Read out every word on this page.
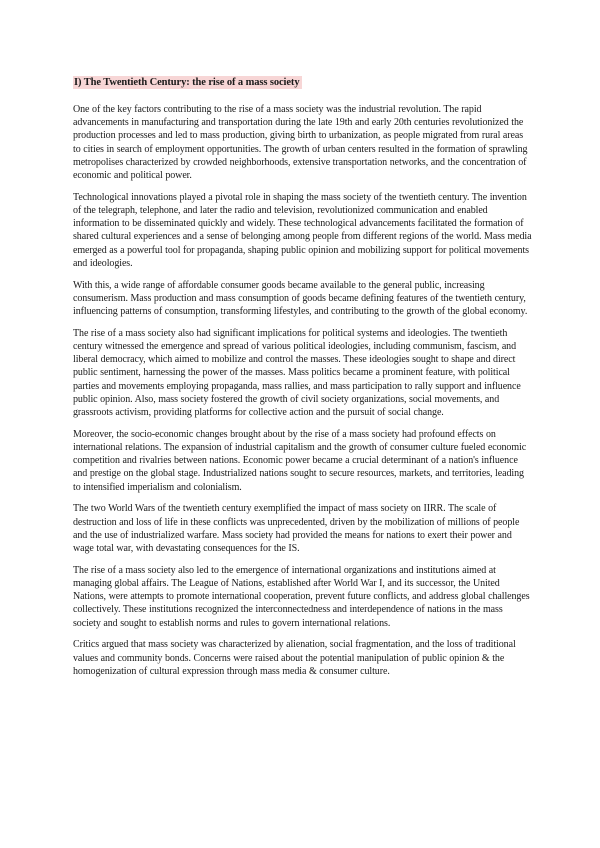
I) The Twentieth Century: the rise of a mass society

One of the key factors contributing to the rise of a mass society was the industrial revolution. The rapid advancements in manufacturing and transportation during the late 19th and early 20th centuries revolutionized the production processes and led to mass production, giving birth to urbanization, as people migrated from rural areas to cities in search of employment opportunities. The growth of urban centers resulted in the formation of sprawling metropolises characterized by crowded neighborhoods, extensive transportation networks, and the concentration of economic and political power.

Technological innovations played a pivotal role in shaping the mass society of the twentieth century. The invention of the telegraph, telephone, and later the radio and television, revolutionized communication and enabled information to be disseminated quickly and widely. These technological advancements facilitated the formation of shared cultural experiences and a sense of belonging among people from different regions of the world. Mass media emerged as a powerful tool for propaganda, shaping public opinion and mobilizing support for political movements and ideologies.

With this, a wide range of affordable consumer goods became available to the general public, increasing consumerism. Mass production and mass consumption of goods became defining features of the twentieth century, influencing patterns of consumption, transforming lifestyles, and contributing to the growth of the global economy.

The rise of a mass society also had significant implications for political systems and ideologies. The twentieth century witnessed the emergence and spread of various political ideologies, including communism, fascism, and liberal democracy, which aimed to mobilize and control the masses. These ideologies sought to shape and direct public sentiment, harnessing the power of the masses. Mass politics became a prominent feature, with political parties and movements employing propaganda, mass rallies, and mass participation to rally support and influence public opinion. Also, mass society fostered the growth of civil society organizations, social movements, and grassroots activism, providing platforms for collective action and the pursuit of social change.

Moreover, the socio-economic changes brought about by the rise of a mass society had profound effects on international relations. The expansion of industrial capitalism and the growth of consumer culture fueled economic competition and rivalries between nations. Economic power became a crucial determinant of a nation's influence and prestige on the global stage. Industrialized nations sought to secure resources, markets, and territories, leading to intensified imperialism and colonialism.

The two World Wars of the twentieth century exemplified the impact of mass society on IIRR. The scale of destruction and loss of life in these conflicts was unprecedented, driven by the mobilization of millions of people and the use of industrialized warfare. Mass society had provided the means for nations to exert their power and wage total war, with devastating consequences for the IS.

The rise of a mass society also led to the emergence of international organizations and institutions aimed at managing global affairs. The League of Nations, established after World War I, and its successor, the United Nations, were attempts to promote international cooperation, prevent future conflicts, and address global challenges collectively. These institutions recognized the interconnectedness and interdependence of nations in the mass society and sought to establish norms and rules to govern international relations.

Critics argued that mass society was characterized by alienation, social fragmentation, and the loss of traditional values and community bonds. Concerns were raised about the potential manipulation of public opinion & the homogenization of cultural expression through mass media & consumer culture.
